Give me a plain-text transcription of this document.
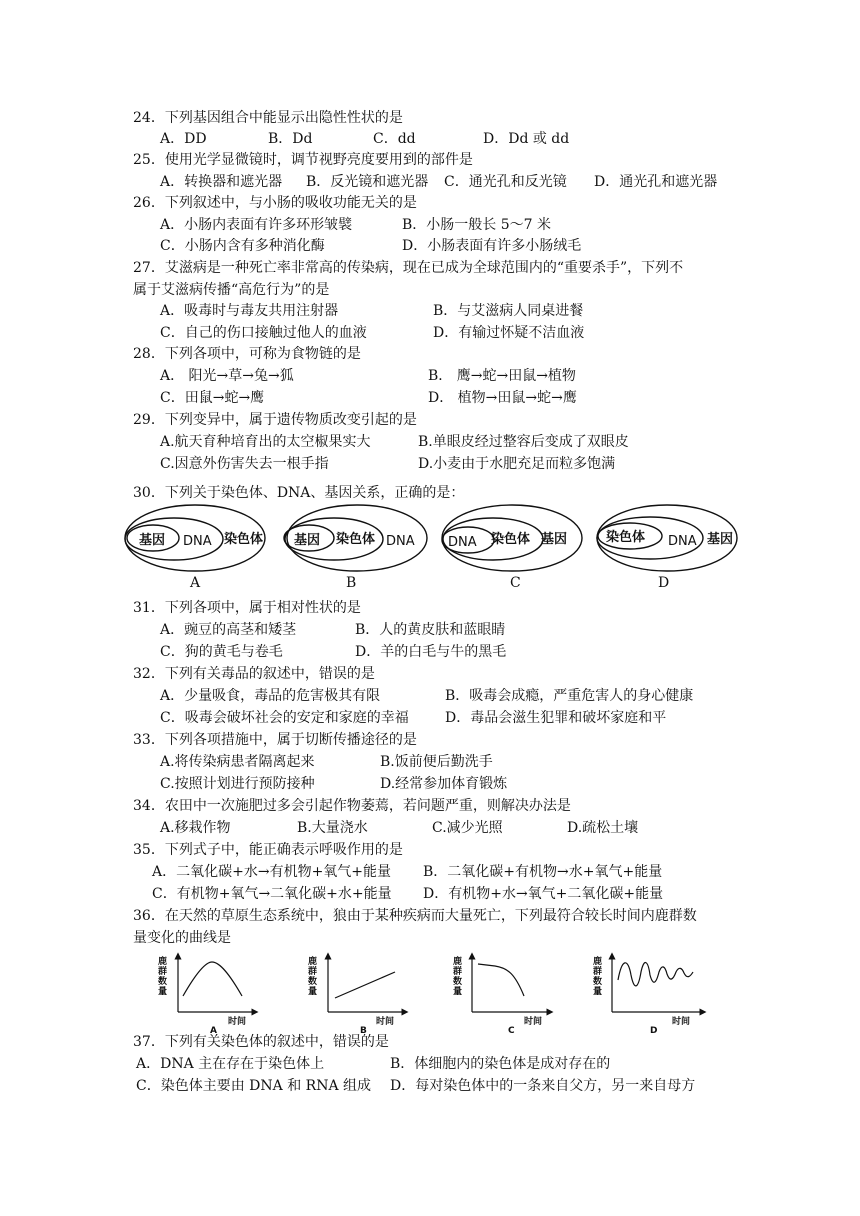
24．下列基因组合中能显示出隐性性状的是
A．DD	B．Dd	C．dd	D．Dd 或 dd
25．使用光学显微镜时，调节视野亮度要用到的部件是
A．转换器和遮光器 B．反光镜和遮光器 C．通光孔和反光镜 D．通光孔和遮光器
26．下列叙述中，与小肠的吸收功能无关的是
A．小肠内表面有许多环形皱襞	B．小肠一般长 5～7 米
C．小肠内含有多种消化酶	D．小肠表面有许多小肠绒毛
27．艾滋病是一种死亡率非常高的传染病，现在已成为全球范围内的“重要杀手”，下列不
属于艾滋病传播“高危行为”的是
A．吸毒时与毒友共用注射器	B．与艾滋病人同桌进餐
C．自己的伤口接触过他人的血液	D．有输过怀疑不洁血液
28．下列各项中，可称为食物链的是
A． 阳光→草→兔→狐	B． 鹰→蛇→田鼠→植物
C．田鼠→蛇→鹰	D． 植物→田鼠→蛇→鹰
29．下列变异中，属于遗传物质改变引起的是
A.航天育种培育出的太空椒果实大	B.单眼皮经过整容后变成了双眼皮
C.因意外伤害失去一根手指	D.小麦由于水肥充足而粒多饱满
30．下列关于染色体、DNA、基因关系，正确的是：
基因 DNA 染色体 基因 染色体 DNA	DNA 染色体 基因	染色体 DNA 基因
A	B	C	D
31．下列各项中，属于相对性状的是
A．豌豆的高茎和矮茎	B．人的黄皮肤和蓝眼睛
C．狗的黄毛与卷毛	D．羊的白毛与牛的黑毛
32．下列有关毒品的叙述中，错误的是
A．少量吸食，毒品的危害极其有限	B．吸毒会成瘾，严重危害人的身心健康
C．吸毒会破坏社会的安定和家庭的幸福	D．毒品会滋生犯罪和破坏家庭和平
33．下列各项措施中，属于切断传播途径的是
A.将传染病患者隔离起来	B.饭前便后勤洗手
C.按照计划进行预防接种	D.经常参加体育锻炼
34．农田中一次施肥过多会引起作物萎蔫，若问题严重，则解决办法是
A.移栽作物	B.大量浇水	C.减少光照	D.疏松土壤
35．下列式子中，能正确表示呼吸作用的是
A．二氧化碳+水→有机物+氧气+能量 B．二氧化碳+有机物→水+氧气+能量
C．有机物+氧气→二氧化碳+水+能量 D．有机物+水→氧气+二氧化碳+能量
36．在天然的草原生态系统中，狼由于某种疾病而大量死亡，下列最符合较长时间内鹿群数
量变化的曲线是
鹿群数量
鹿群数量
鹿群数量
鹿群数量
时间	时间	时间	时间
A	B	C	D
37．下列有关染色体的叙述中，错误的是
A．DNA 主在存在于染色体上	B．体细胞内的染色体是成对存在的
C．染色体主要由 DNA 和 RNA 组成 D．每对染色体中的一条来自父方，另一来自母方
